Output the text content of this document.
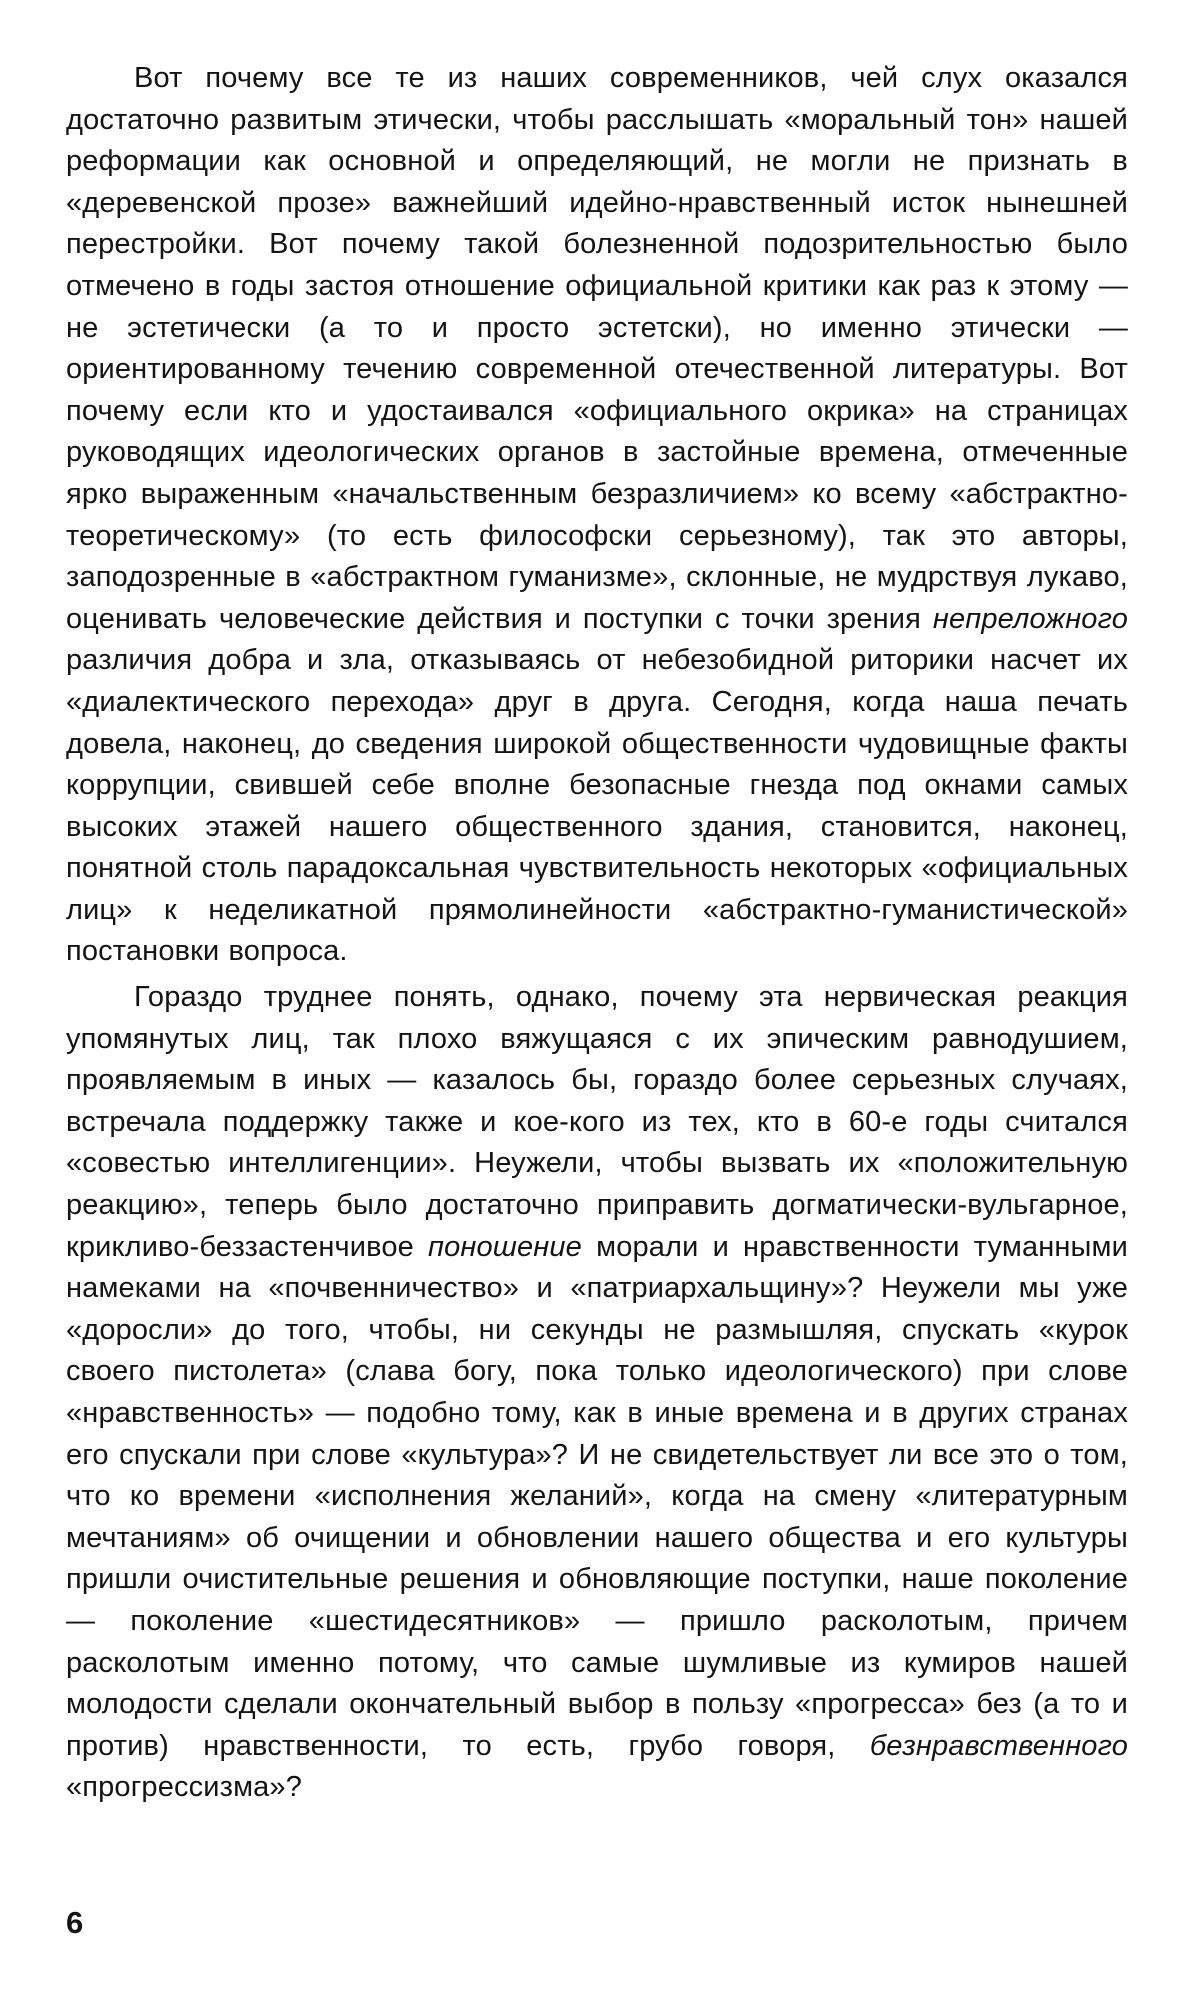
Вот почему все те из наших современников, чей слух оказался достаточно развитым этически, чтобы расслышать «моральный тон» нашей реформации как основной и определяющий, не могли не признать в «деревенской прозе» важнейший идейно-нравственный исток нынешней перестройки. Вот почему такой болезненной подозрительностью было отмечено в годы застоя отношение официальной критики как раз к этому — не эстетически (а то и просто эстетски), но именно этически — ориентированному течению современной отечественной литературы. Вот почему если кто и удостаивался «официального окрика» на страницах руководящих идеологических органов в застойные времена, отмеченные ярко выраженным «начальственным безразличием» ко всему «абстрактно-теоретическому» (то есть философски серьезному), так это авторы, заподозренные в «абстрактном гуманизме», склонные, не мудрствуя лукаво, оценивать человеческие действия и поступки с точки зрения непреложного различия добра и зла, отказываясь от небезобидной риторики насчет их «диалектического перехода» друг в друга. Сегодня, когда наша печать довела, наконец, до сведения широкой общественности чудовищные факты коррупции, свившей себе вполне безопасные гнезда под окнами самых высоких этажей нашего общественного здания, становится, наконец, понятной столь парадоксальная чувствительность некоторых «официальных лиц» к неделикатной прямолинейности «абстрактно-гуманистической» постановки вопроса.

Гораздо труднее понять, однако, почему эта нервическая реакция упомянутых лиц, так плохо вяжущаяся с их эпическим равнодушием, проявляемым в иных — казалось бы, гораздо более серьезных случаях, встречала поддержку также и кое-кого из тех, кто в 60-е годы считался «совестью интеллигенции». Неужели, чтобы вызвать их «положительную реакцию», теперь было достаточно приправить догматически-вульгарное, крикливо-беззастенчивое поношение морали и нравственности туманными намеками на «почвенничество» и «патриархальщину»? Неужели мы уже «доросли» до того, чтобы, ни секунды не размышляя, спускать «курок своего пистолета» (слава богу, пока только идеологического) при слове «нравственность» — подобно тому, как в иные времена и в других странах его спускали при слове «культура»? И не свидетельствует ли все это о том, что ко времени «исполнения желаний», когда на смену «литературным мечтаниям» об очищении и обновлении нашего общества и его культуры пришли очистительные решения и обновляющие поступки, наше поколение — поколение «шестидесятников» — пришло расколотым, причем расколотым именно потому, что самые шумливые из кумиров нашей молодости сделали окончательный выбор в пользу «прогресса» без (а то и против) нравственности, то есть, грубо говоря, безнравственного «прогрессизма»?

6
